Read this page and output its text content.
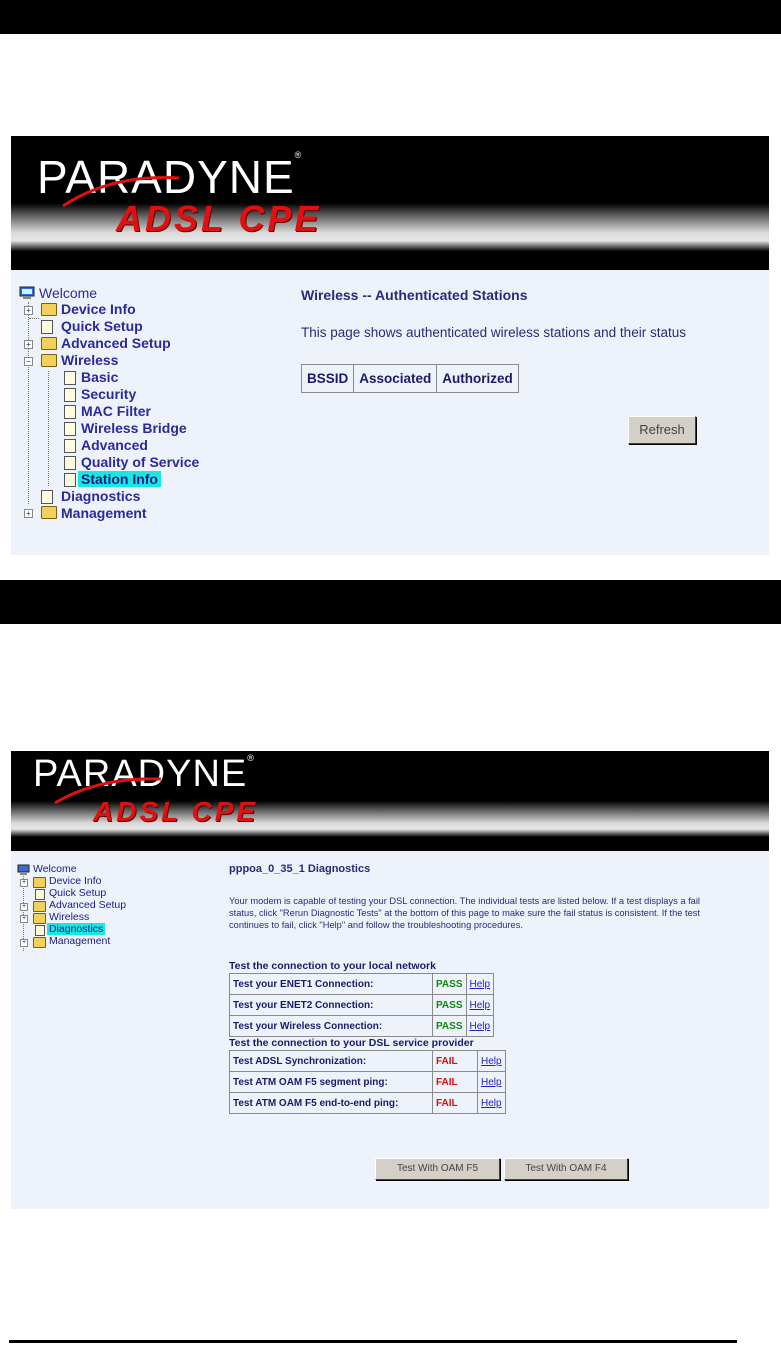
PARADYNE®
ADSL CPE
Welcome
+ Device Info
Quick Setup
+ Advanced Setup
− Wireless
Basic
Security
MAC Filter
Wireless Bridge
Advanced
Quality of Service
Station Info
Diagnostics
+ Management
Wireless -- Authenticated Stations
This page shows authenticated wireless stations and their status
BSSID	Associated	Authorized
Refresh
PARADYNE®
ADSL CPE
Welcome
+ Device Info
Quick Setup
+ Advanced Setup
+ Wireless
Diagnostics
+ Management
pppoa_0_35_1 Diagnostics
Your modem is capable of testing your DSL connection. The individual tests are listed below. If a test displays a fail
status, click "Rerun Diagnostic Tests" at the bottom of this page to make sure the fail status is consistent. If the test
continues to fail, click "Help" and follow the troubleshooting procedures.
Test the connection to your local network
Test your ENET1 Connection:	PASS	Help
Test your ENET2 Connection:	PASS	Help
Test your Wireless Connection:	PASS	Help
Test the connection to your DSL service provider
Test ADSL Synchronization:	FAIL	Help
Test ATM OAM F5 segment ping:	FAIL	Help
Test ATM OAM F5 end-to-end ping:	FAIL	Help
Test With OAM F5	Test With OAM F4
